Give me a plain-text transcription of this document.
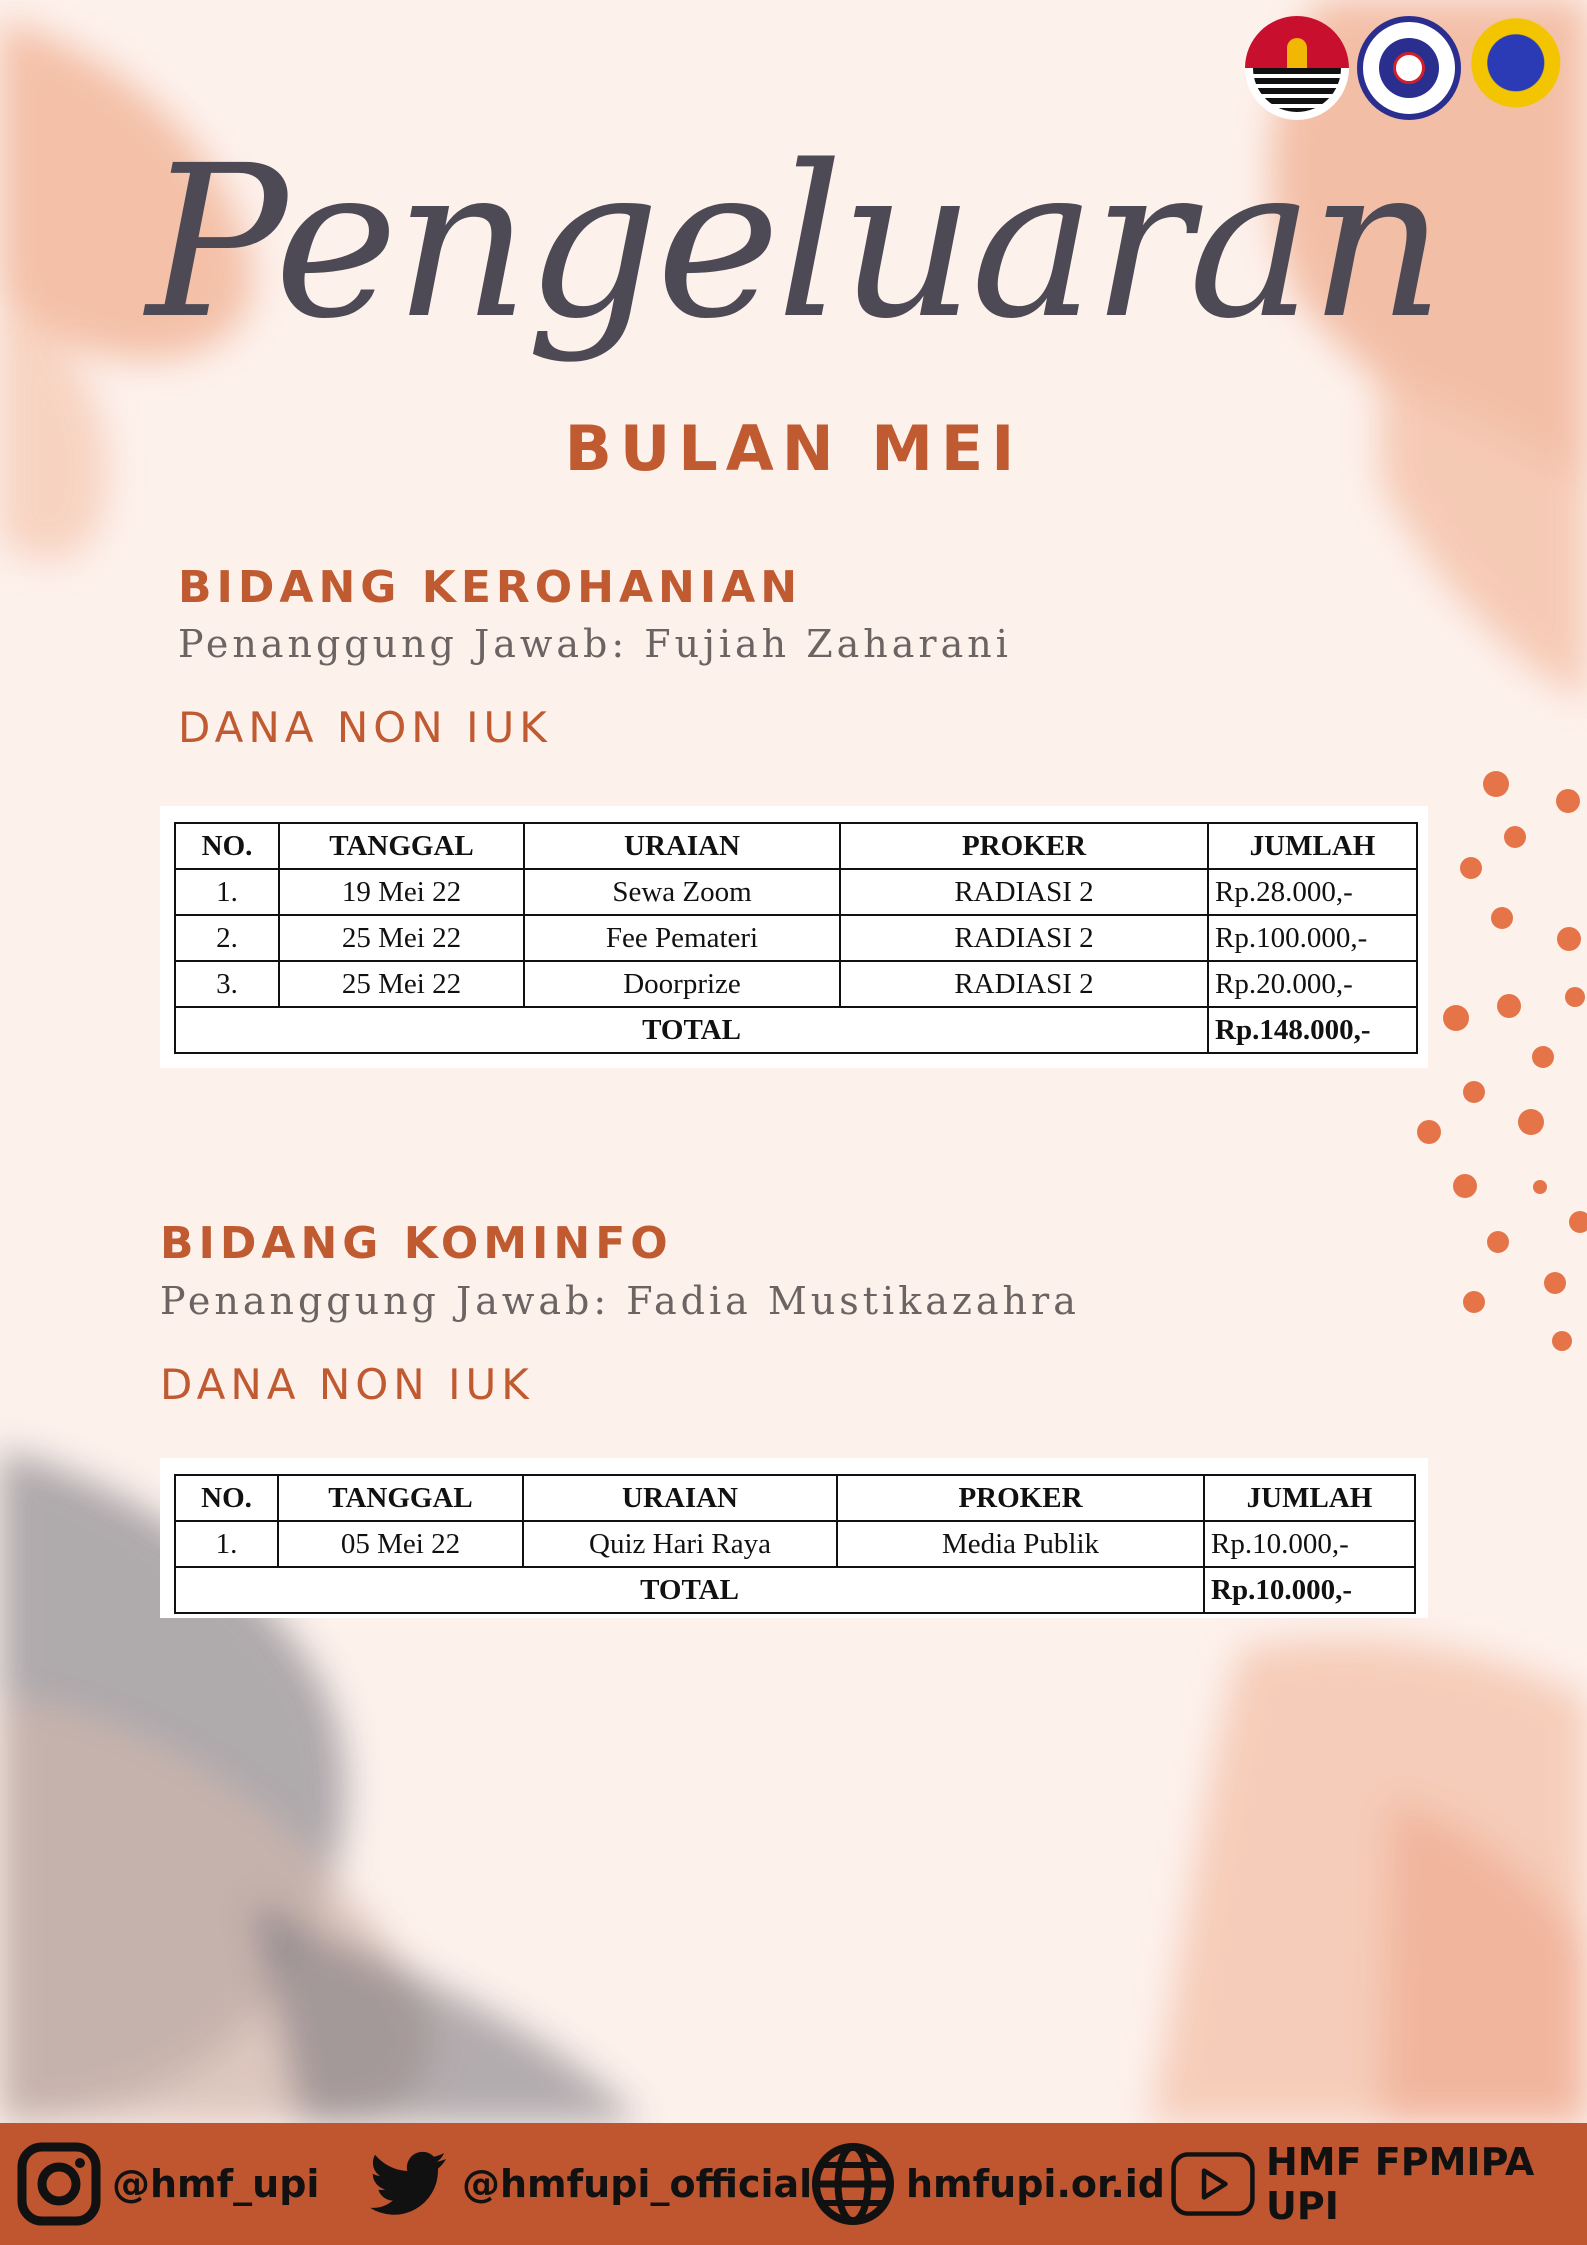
Pengeluaran
BULAN MEI
BIDANG KEROHANIAN
Penanggung Jawab: Fujiah Zaharani
DANA NON IUK
NO.	TANGGAL	URAIAN	PROKER	JUMLAH
1.	19 Mei 22	Sewa Zoom	RADIASI 2	Rp.28.000,-
2.	25 Mei 22	Fee Pemateri	RADIASI 2	Rp.100.000,-
3.	25 Mei 22	Doorprize	RADIASI 2	Rp.20.000,-
TOTAL				Rp.148.000,-
BIDANG KOMINFO
Penanggung Jawab: Fadia Mustikazahra
DANA NON IUK
NO.	TANGGAL	URAIAN	PROKER	JUMLAH
1.	05 Mei 22	Quiz Hari Raya	Media Publik	Rp.10.000,-
TOTAL				Rp.10.000,-
@hmf_upi	@hmfupi_official hmfupi.or.id	HMF FPMIPA UPI
